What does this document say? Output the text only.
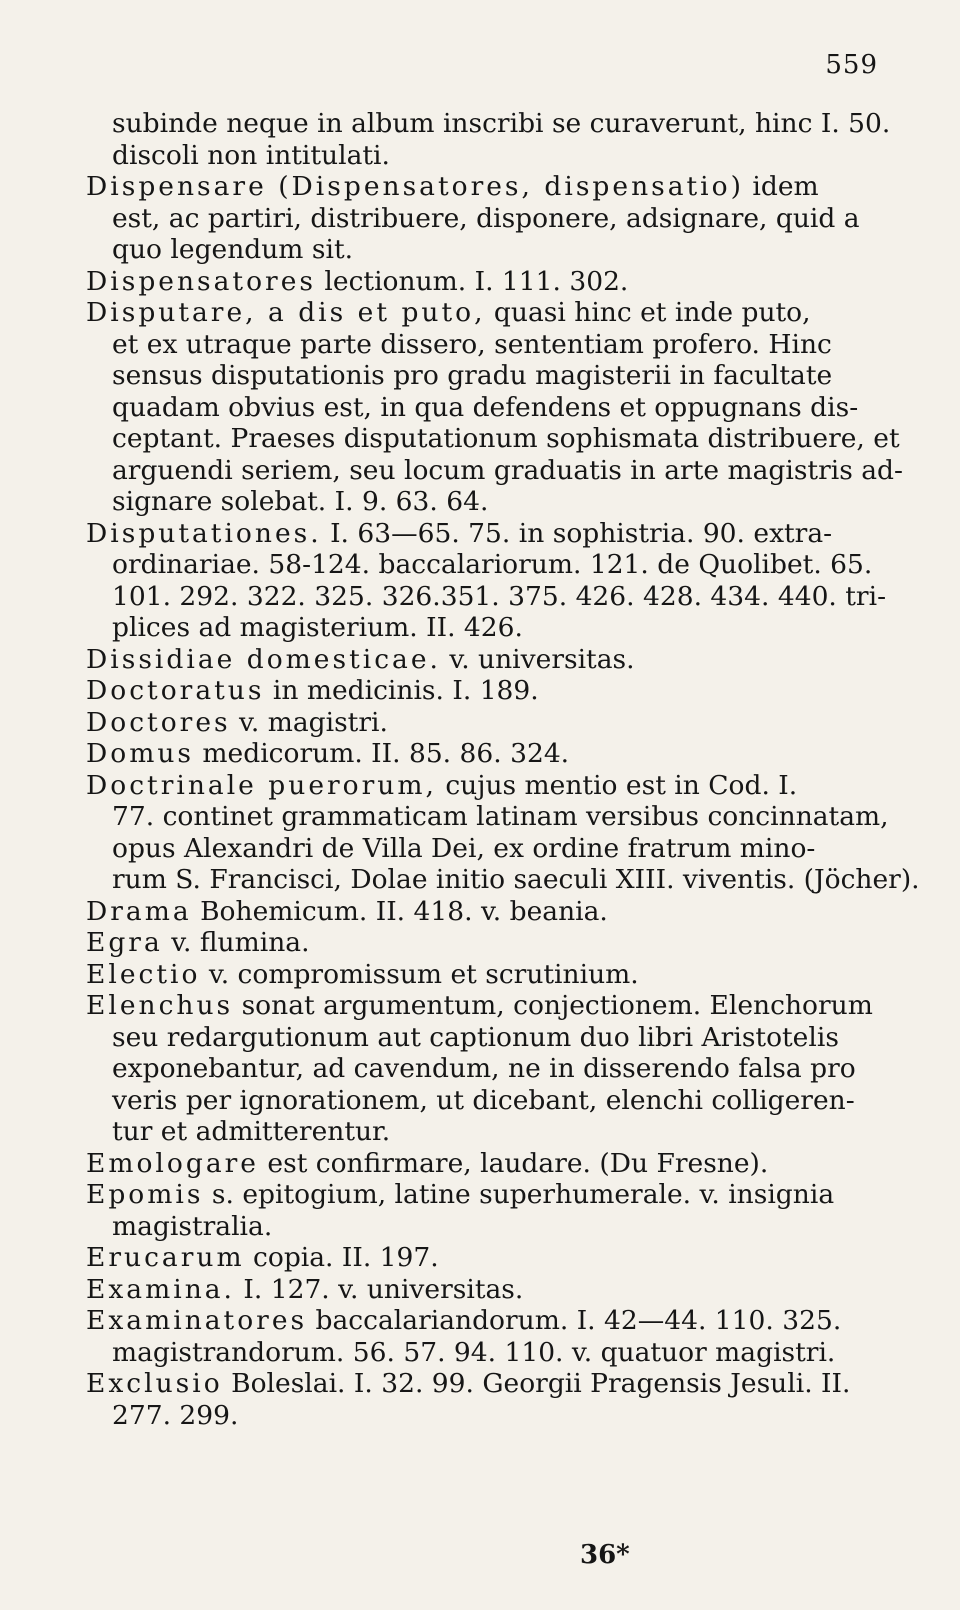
559
subinde neque in album inscribi se curaverunt, hinc I. 50.
discoli non intitulati.
Dispensare (Dispensatores, dispensatio) idem
est, ac partiri, distribuere, disponere, adsignare, quid a
quo legendum sit.
Dispensatores lectionum. I. 111. 302.
Disputare, a dis et puto, quasi hinc et inde puto,
et ex utraque parte dissero, sententiam profero. Hinc
sensus disputationis pro gradu magisterii in facultate
quadam obvius est, in qua defendens et oppugnans dis-
ceptant. Praeses disputationum sophismata distribuere, et
arguendi seriem, seu locum graduatis in arte magistris ad-
signare solebat. I. 9. 63. 64.
Disputationes. I. 63—65. 75. in sophistria. 90. extra-
ordinariae. 58-124. baccalariorum. 121. de Quolibet. 65.
101. 292. 322. 325. 326.351. 375. 426. 428. 434. 440. tri-
plices ad magisterium. II. 426.
Dissidiae domesticae. v. universitas.
Doctoratus in medicinis. I. 189.
Doctores v. magistri.
Domus medicorum. II. 85. 86. 324.
Doctrinale puerorum, cujus mentio est in Cod. I.
77. continet grammaticam latinam versibus concinnatam,
opus Alexandri de Villa Dei, ex ordine fratrum mino-
rum S. Francisci, Dolae initio saeculi XIII. viventis. (Jöcher).
Drama Bohemicum. II. 418. v. beania.
Egra v. flumina.
Electio v. compromissum et scrutinium.
Elenchus sonat argumentum, conjectionem. Elenchorum
seu redargutionum aut captionum duo libri Aristotelis
exponebantur, ad cavendum, ne in disserendo falsa pro
veris per ignorationem, ut dicebant, elenchi colligeren-
tur et admitterentur.
Emologare est confirmare, laudare. (Du Fresne).
Epomis s. epitogium, latine superhumerale. v. insignia
magistralia.
Erucarum copia. II. 197.
Examina. I. 127. v. universitas.
Examinatores baccalariandorum. I. 42—44. 110. 325.
magistrandorum. 56. 57. 94. 110. v. quatuor magistri.
Exclusio Boleslai. I. 32. 99. Georgii Pragensis Jesuli. II.
277. 299.
36*
